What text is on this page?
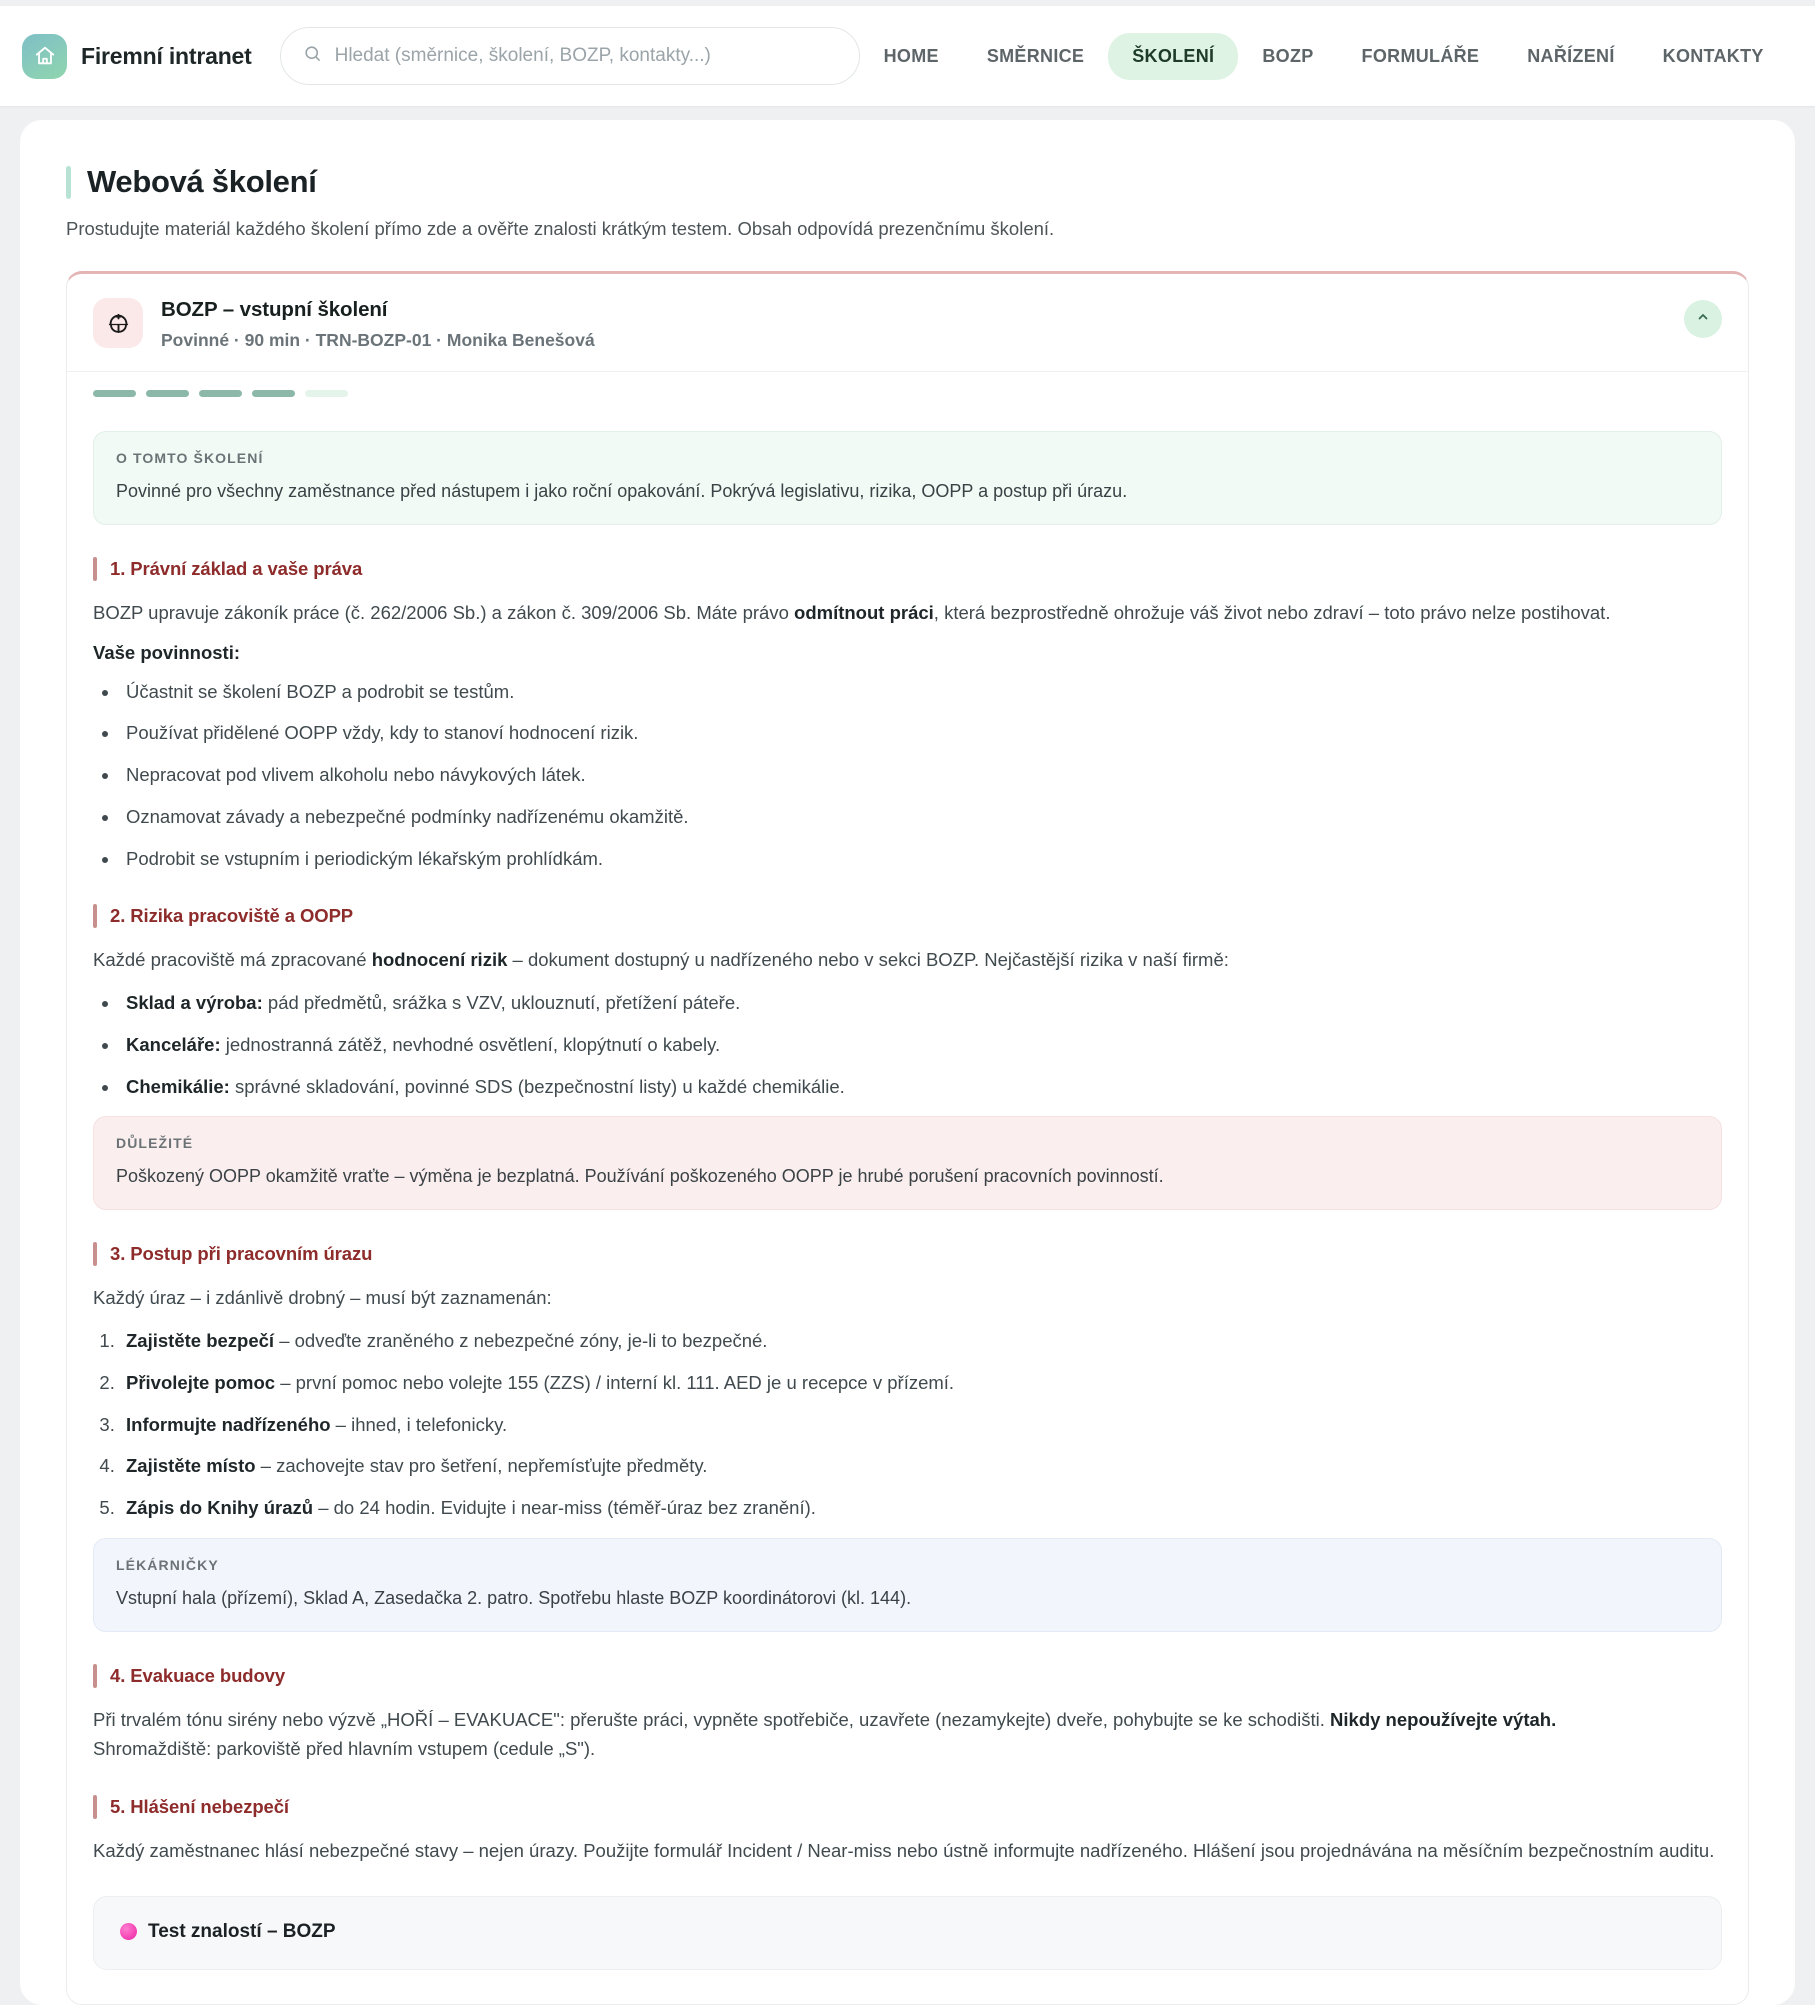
Firemní intranet
Hledat (směrnice, školení, BOZP, kontakty...)	HOME	SMĚRNICE	ŠKOLENÍ	BOZP	FORMULÁŘE	NAŘÍZENÍ	KONTAKTY
Webová školení

Prostudujte materiál každého školení přímo zde a ověřte znalosti krátkým testem. Obsah odpovídá prezenčnímu školení.

BOZP – vstupní školení
Povinné · 90 min · TRN-BOZP-01 · Monika Benešová
O TOMTO ŠKOLENÍ
Povinné pro všechny zaměstnance před nástupem i jako roční opakování. Pokrývá legislativu, rizika, OOPP a postup při úrazu.
1. Právní základ a vaše práva

BOZP upravuje zákoník práce (č. 262/2006 Sb.) a zákon č. 309/2006 Sb. Máte právo odmítnout práci, která bezprostředně ohrožuje váš život nebo zdraví – toto právo nelze postihovat.

Vaše povinnosti:

• Účastnit se školení BOZP a podrobit se testům.
• Používat přidělené OOPP vždy, kdy to stanoví hodnocení rizik.
• Nepracovat pod vlivem alkoholu nebo návykových látek.
• Oznamovat závady a nebezpečné podmínky nadřízenému okamžitě.
• Podrobit se vstupním i periodickým lékařským prohlídkám.
2. Rizika pracoviště a OOPP

Každé pracoviště má zpracované hodnocení rizik – dokument dostupný u nadřízeného nebo v sekci BOZP. Nejčastější rizika v naší firmě:

• Sklad a výroba: pád předmětů, srážka s VZV, uklouznutí, přetížení páteře.
• Kanceláře: jednostranná zátěž, nevhodné osvětlení, klopýtnutí o kabely.
• Chemikálie: správné skladování, povinné SDS (bezpečnostní listy) u každé chemikálie.
DŮLEŽITÉ
Poškozený OOPP okamžitě vraťte – výměna je bezplatná. Používání poškozeného OOPP je hrubé porušení pracovních povinností.
3. Postup při pracovním úrazu

Každý úraz – i zdánlivě drobný – musí být zaznamenán:

1. Zajistěte bezpečí – odveďte zraněného z nebezpečné zóny, je-li to bezpečné.
2. Přivolejte pomoc – první pomoc nebo volejte 155 (ZZS) / interní kl. 111. AED je u recepce v přízemí.
3. Informujte nadřízeného – ihned, i telefonicky.
4. Zajistěte místo – zachovejte stav pro šetření, nepřemísťujte předměty.
5. Zápis do Knihy úrazů – do 24 hodin. Evidujte i near-miss (téměř-úraz bez zranění).
LÉKÁRNIČKY
Vstupní hala (přízemí), Sklad A, Zasedačka 2. patro. Spotřebu hlaste BOZP koordinátorovi (kl. 144).
4. Evakuace budovy

Při trvalém tónu sirény nebo výzvě „HOŘÍ – EVAKUACE": přerušte práci, vypněte spotřebiče, uzavřete (nezamykejte) dveře, pohybujte se ke schodišti. Nikdy nepoužívejte výtah.
Shromaždiště: parkoviště před hlavním vstupem (cedule „S").

5. Hlášení nebezpečí

Každý zaměstnanec hlásí nebezpečné stavy – nejen úrazy. Použijte formulář Incident / Near-miss nebo ústně informujte nadřízeného. Hlášení jsou projednávána na měsíčním bezpečnostním auditu.

Test znalostí – BOZP
